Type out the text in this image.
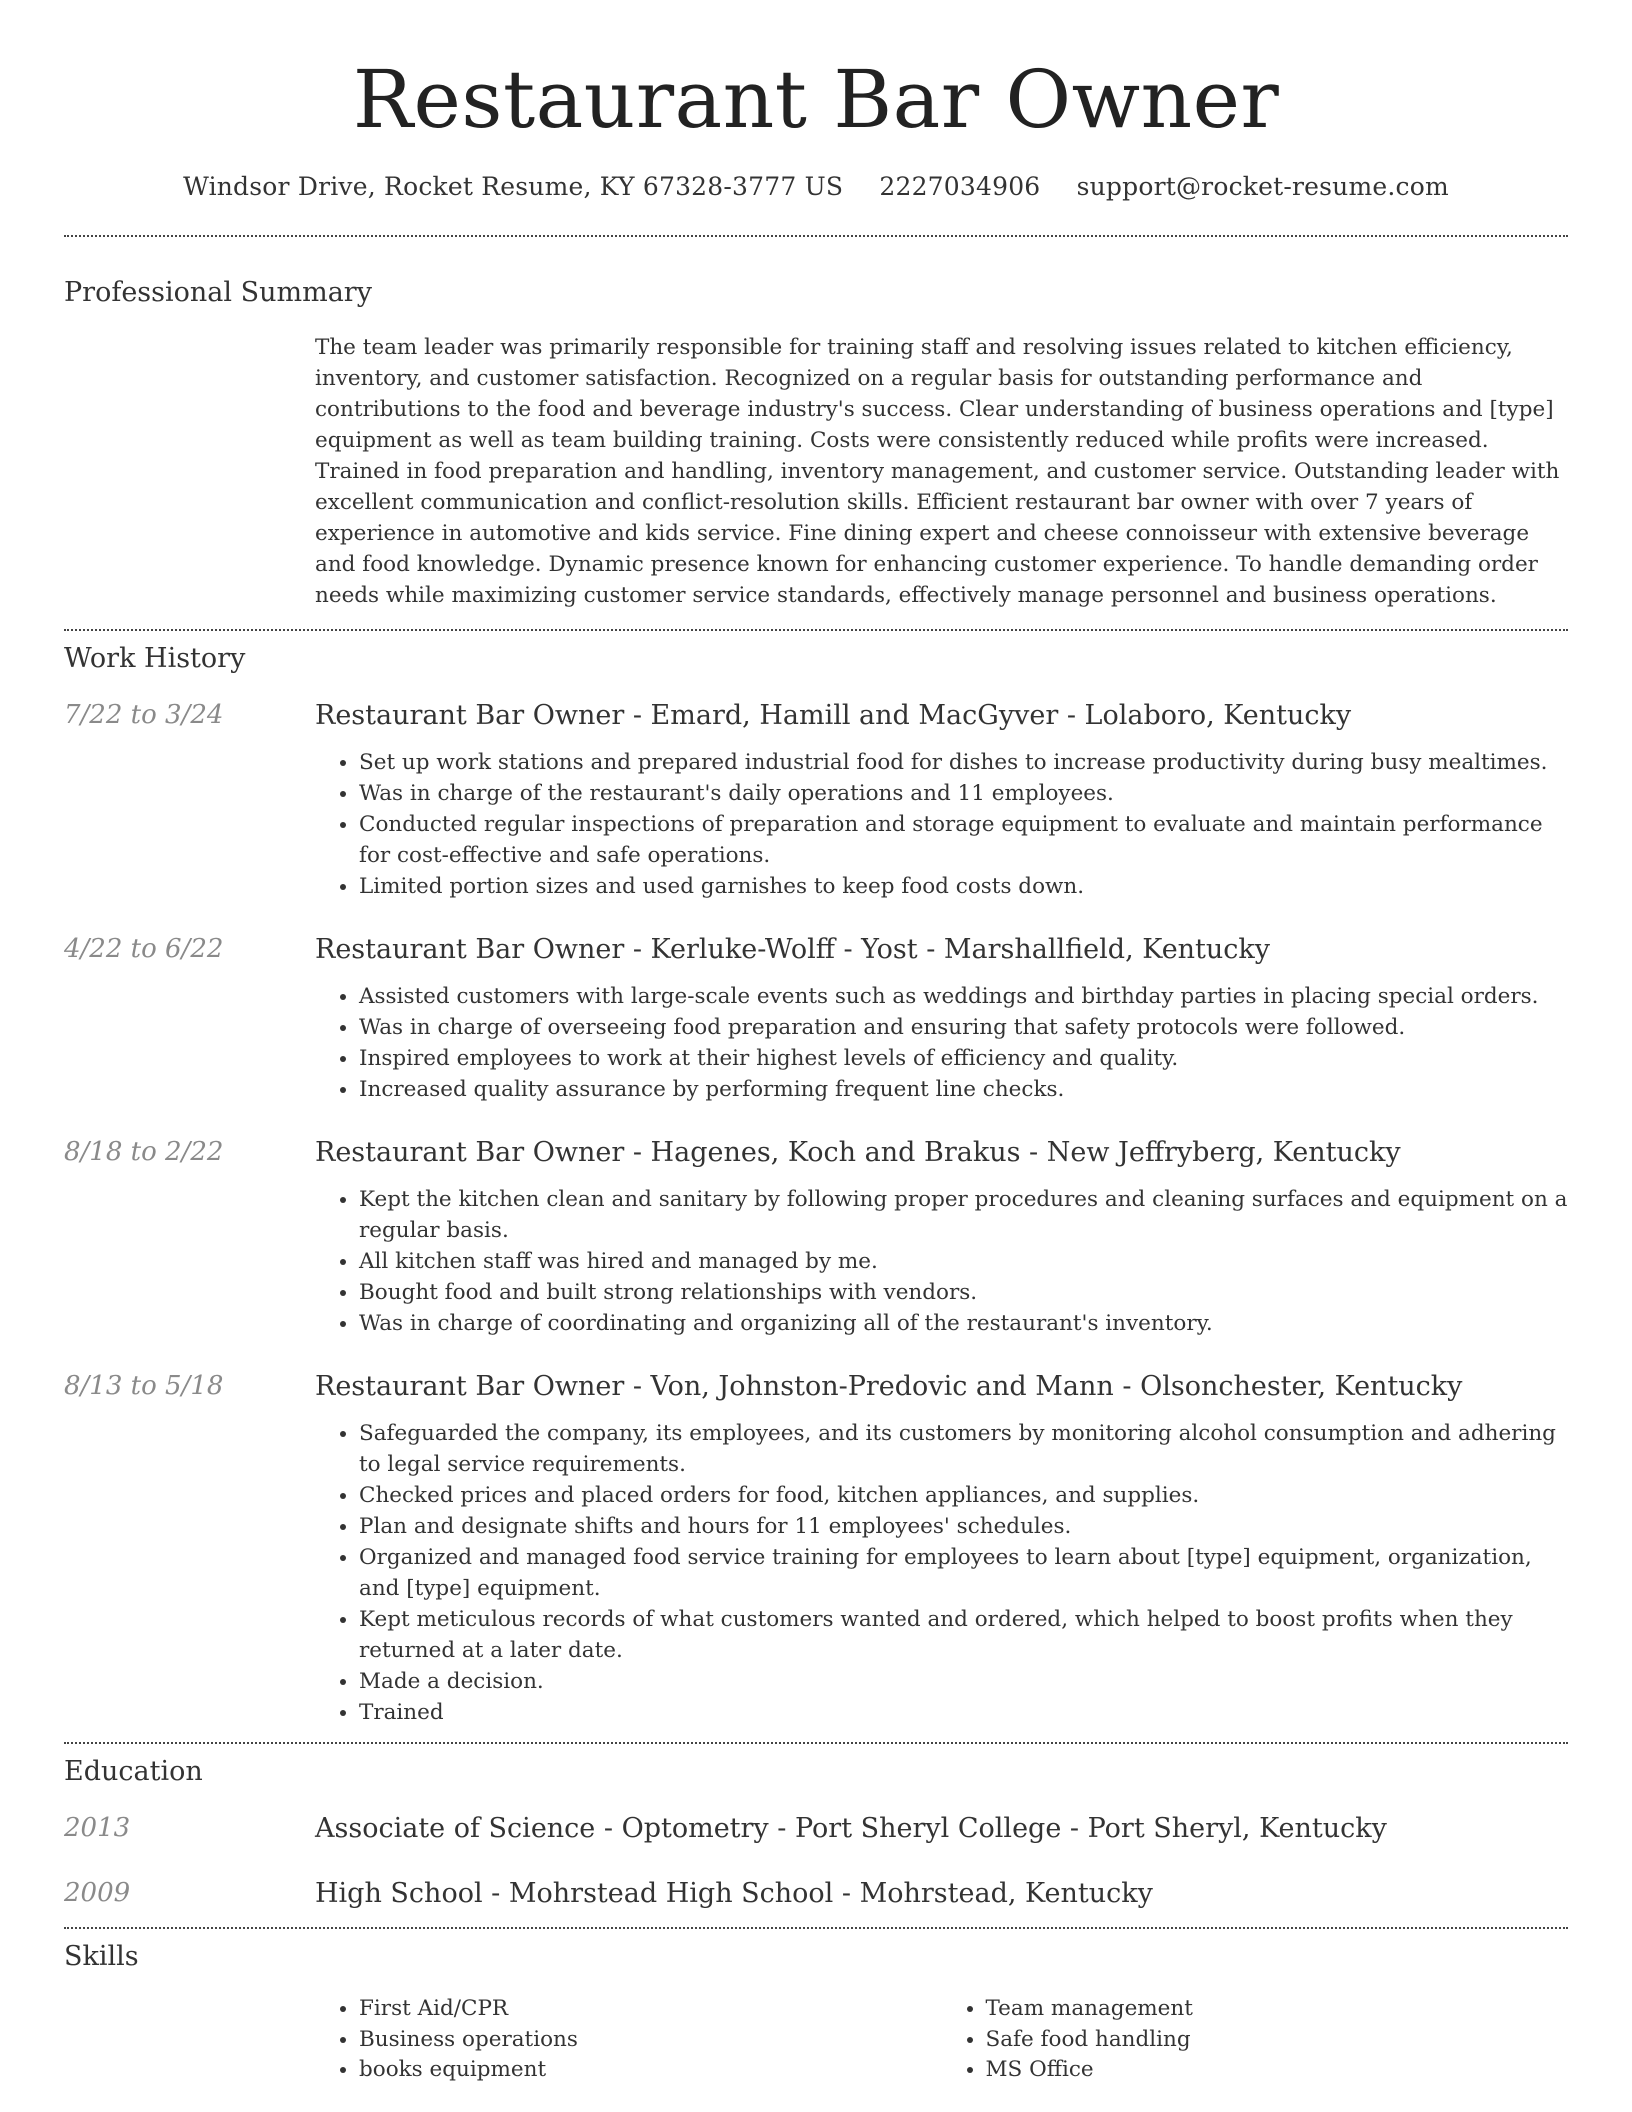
Restaurant Bar Owner
Windsor Drive, Rocket Resume, KY 67328-3777 US 2227034906 support@rocket-resume.com
Professional Summary
The team leader was primarily responsible for training staff and resolving issues related to kitchen efficiency, inventory, and customer satisfaction. Recognized on a regular basis for outstanding performance and contributions to the food and beverage industry's success. Clear understanding of business operations and [type] equipment as well as team building training. Costs were consistently reduced while profits were increased. Trained in food preparation and handling, inventory management, and customer service. Outstanding leader with excellent communication and conflict-resolution skills. Efficient restaurant bar owner with over 7 years of experience in automotive and kids service. Fine dining expert and cheese connoisseur with extensive beverage and food knowledge. Dynamic presence known for enhancing customer experience. To handle demanding order needs while maximizing customer service standards, effectively manage personnel and business operations.
Work History
7/22 to 3/24	Restaurant Bar Owner - Emard, Hamill and MacGyver - Lolaboro, Kentucky
• Set up work stations and prepared industrial food for dishes to increase productivity during busy mealtimes.
• Was in charge of the restaurant's daily operations and 11 employees.
• Conducted regular inspections of preparation and storage equipment to evaluate and maintain performance for cost-effective and safe operations.
• Limited portion sizes and used garnishes to keep food costs down.
4/22 to 6/22	Restaurant Bar Owner - Kerluke-Wolff - Yost - Marshallfield, Kentucky
• Assisted customers with large-scale events such as weddings and birthday parties in placing special orders.
• Was in charge of overseeing food preparation and ensuring that safety protocols were followed.
• Inspired employees to work at their highest levels of efficiency and quality.
• Increased quality assurance by performing frequent line checks.
8/18 to 2/22	Restaurant Bar Owner - Hagenes, Koch and Brakus - New Jeffryberg, Kentucky
• Kept the kitchen clean and sanitary by following proper procedures and cleaning surfaces and equipment on a regular basis.
• All kitchen staff was hired and managed by me.
• Bought food and built strong relationships with vendors.
• Was in charge of coordinating and organizing all of the restaurant's inventory.
8/13 to 5/18	Restaurant Bar Owner - Von, Johnston-Predovic and Mann - Olsonchester, Kentucky
• Safeguarded the company, its employees, and its customers by monitoring alcohol consumption and adhering to legal service requirements.
• Checked prices and placed orders for food, kitchen appliances, and supplies.
• Plan and designate shifts and hours for 11 employees' schedules.
• Organized and managed food service training for employees to learn about [type] equipment, organization, and [type] equipment.
• Kept meticulous records of what customers wanted and ordered, which helped to boost profits when they returned at a later date.
• Made a decision.
• Trained
Education
2013	Associate of Science - Optometry - Port Sheryl College - Port Sheryl, Kentucky
2009	High School - Mohrstead High School - Mohrstead, Kentucky
Skills
• First Aid/CPR
• Business operations
• books equipment
• Team management
• Safe food handling
• MS Office
